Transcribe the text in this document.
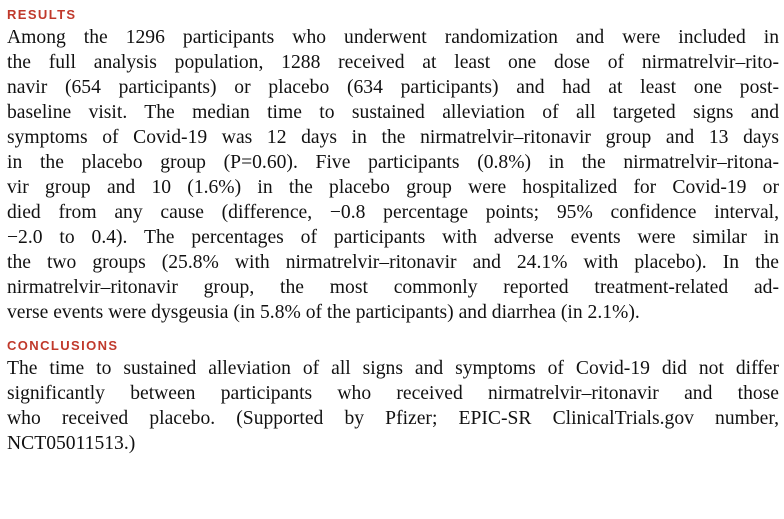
RESULTS
Among the 1296 participants who underwent randomization and were included in
the full analysis population, 1288 received at least one dose of nirmatrelvir–rito-
navir (654 participants) or placebo (634 participants) and had at least one post-
baseline visit. The median time to sustained alleviation of all targeted signs and
symptoms of Covid-19 was 12 days in the nirmatrelvir–ritonavir group and 13 days
in the placebo group (P=0.60). Five participants (0.8%) in the nirmatrelvir–ritona-
vir group and 10 (1.6%) in the placebo group were hospitalized for Covid-19 or
died from any cause (difference, −0.8 percentage points; 95% confidence interval,
−2.0 to 0.4). The percentages of participants with adverse events were similar in
the two groups (25.8% with nirmatrelvir–ritonavir and 24.1% with placebo). In the
nirmatrelvir–ritonavir group, the most commonly reported treatment-related ad-
verse events were dysgeusia (in 5.8% of the participants) and diarrhea (in 2.1%).
CONCLUSIONS
The time to sustained alleviation of all signs and symptoms of Covid-19 did not differ
significantly between participants who received nirmatrelvir–ritonavir and those
who received placebo. (Supported by Pfizer; EPIC-SR ClinicalTrials.gov number,
NCT05011513.)
